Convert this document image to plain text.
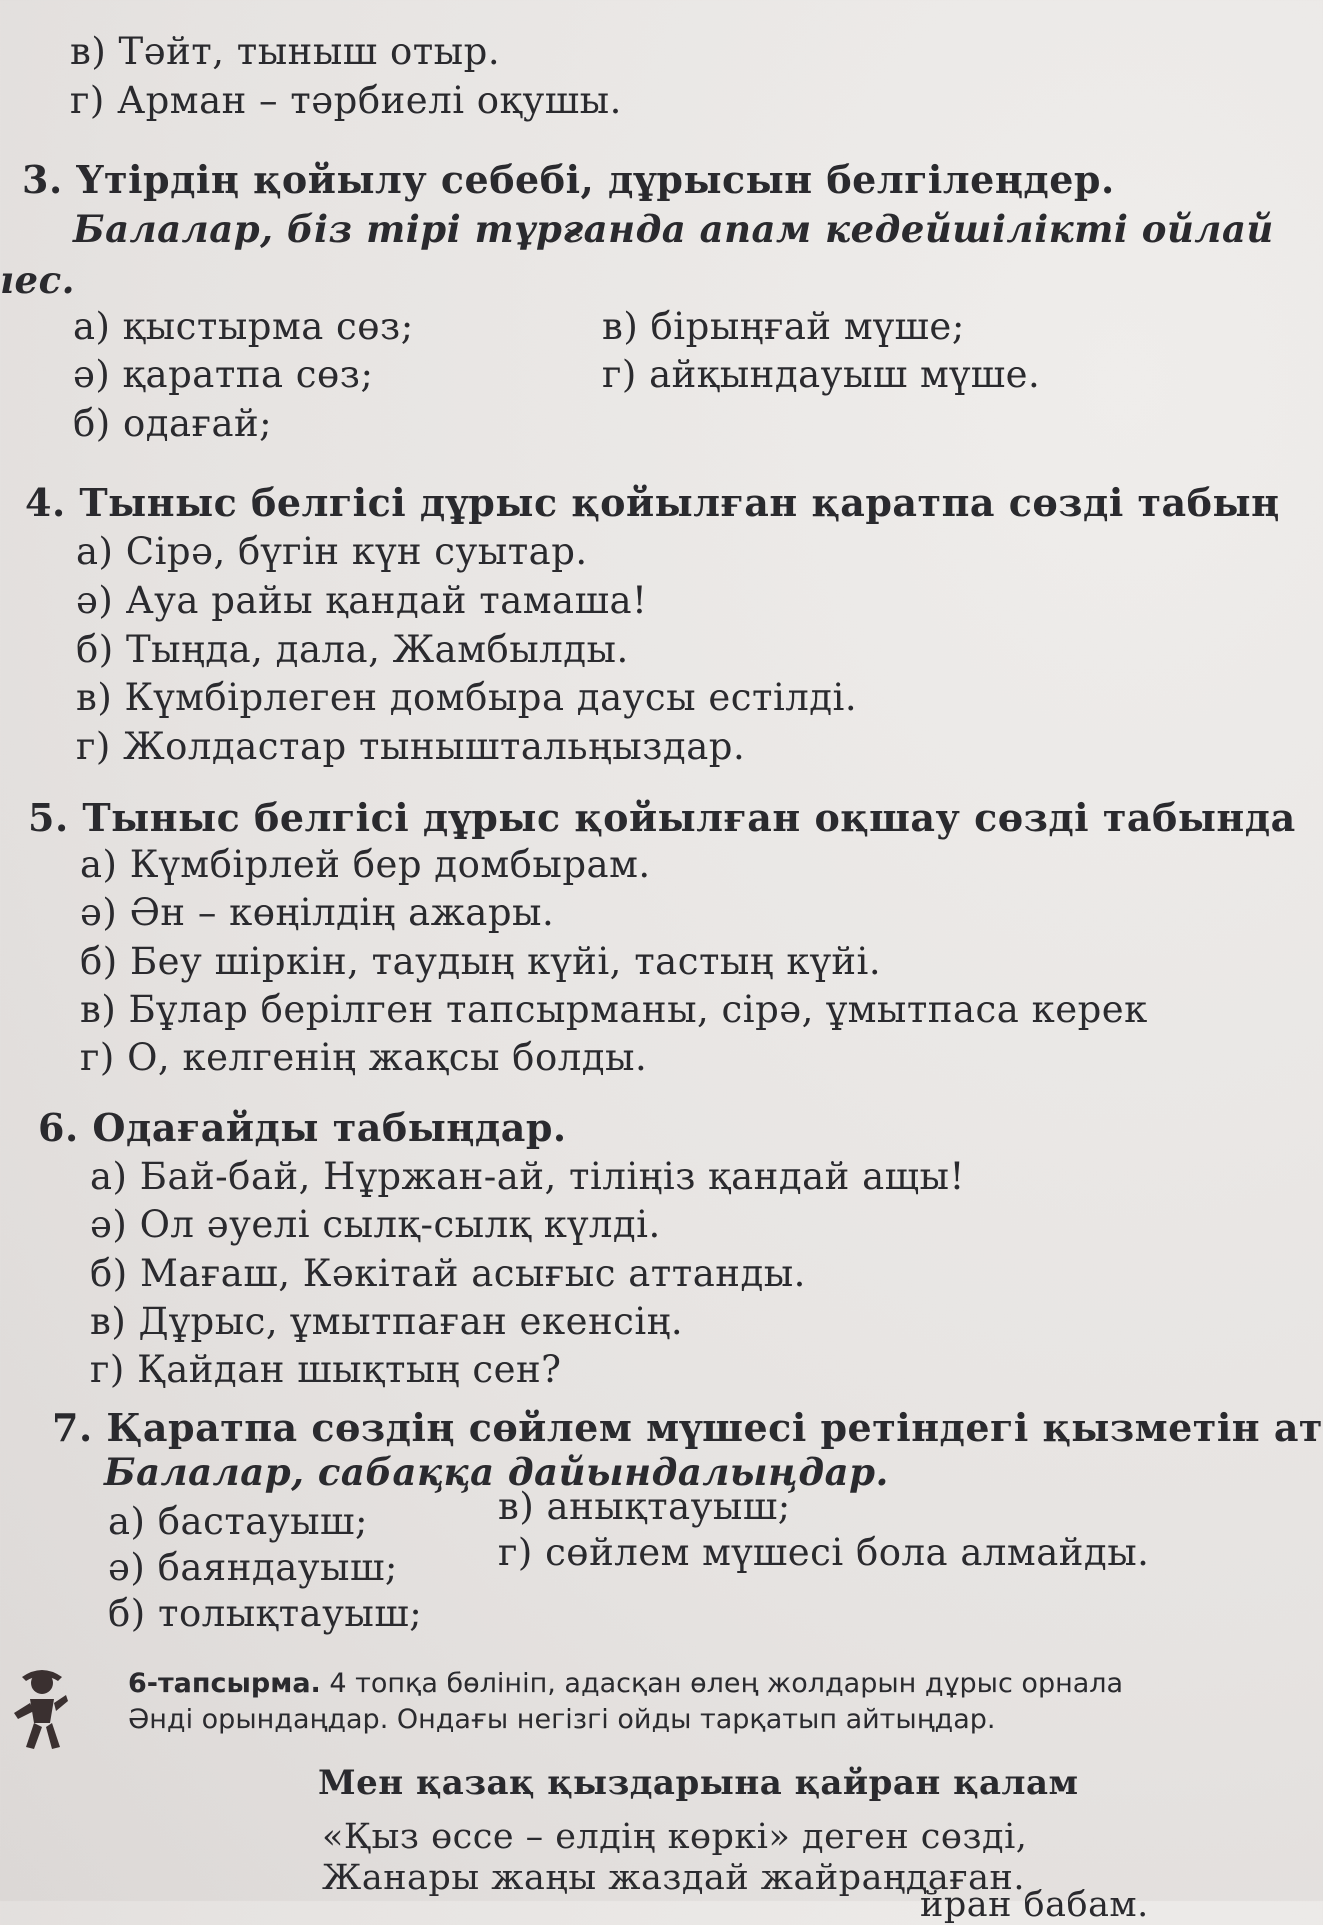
в) Тәйт, тыныш отыр.
г) Арман – тәрбиелі оқушы.
3. Үтірдің қойылу себебі, дұрысын белгілеңдер.
Балалар, біз тірі тұрғанда апам кедейшілікті ойлай
ıес.
а) қыстырма сөз;	в) бірыңғай мүше;
ә) қаратпа сөз;	г) айқындауыш мүше.
б) одағай;
4. Тыныс белгісі дұрыс қойылған қаратпа сөзді табың
а) Сірә, бүгін күн суытар.
ә) Ауа райы қандай тамаша!
б) Тыңда, дала, Жамбылды.
в) Күмбірлеген домбыра даусы естілді.
г) Жолдастар тыныштальңыздар.
5. Тыныс белгісі дұрыс қойылған оқшау сөзді табында
а) Күмбірлей бер домбырам.
ә) Ән – көңілдің ажары.
б) Беу шіркін, таудың күйі, тастың күйі.
в) Бұлар берілген тапсырманы, сірә, ұмытпаса керек
г) О, келгенің жақсы болды.
6. Одағайды табыңдар.
а) Бай-бай, Нұржан-ай, тіліңіз қандай ащы!
ә) Ол әуелі сылқ-сылқ күлді.
б) Мағаш, Кәкітай асығыс аттанды.
в) Дұрыс, ұмытпаған екенсің.
г) Қайдан шықтың сен?
7. Қаратпа сөздің сөйлем мүшесі ретіндегі қызметін ат
Балалар, сабаққа дайындалыңдар.
а) бастауыш;	в) анықтауыш;
ә) баяндауыш;	г) сөйлем мүшесі бола алмайды.
б) толықтауыш;
6-тапсырма. 4 топқа бөлініп, адасқан өлең жолдарын дұрыс орнала
Әнді орындаңдар. Ондағы негізгі ойды тарқатып айтыңдар.
Мен қазақ қыздарына қайран қалам
«Қыз өссе – елдің көркі» деген сөзді,
Жанары жаңы жаздай жайраңдаған.
йран бабам.
